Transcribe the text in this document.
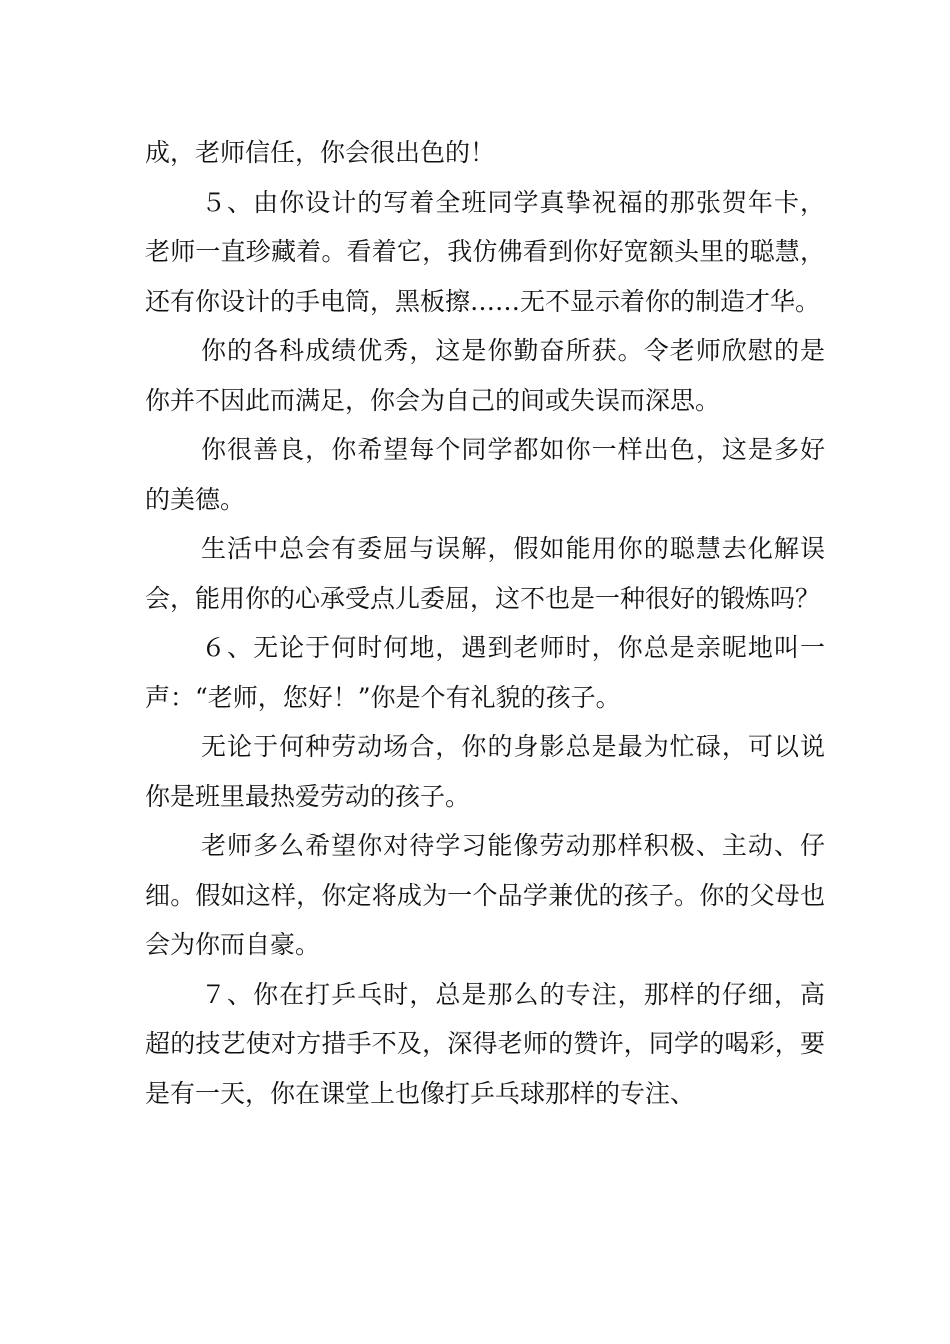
成，老师信任，你会很出色的！

５、由你设计的写着全班同学真挚祝福的那张贺年卡，老师一直珍藏着。看着它，我仿佛看到你好宽额头里的聪慧，还有你设计的手电筒，黑板擦……无不显示着你的制造才华。

你的各科成绩优秀，这是你勤奋所获。令老师欣慰的是你并不因此而满足，你会为自己的间或失误而深思。

你很善良，你希望每个同学都如你一样出色，这是多好的美德。

生活中总会有委屈与误解，假如能用你的聪慧去化解误会，能用你的心承受点儿委屈，这不也是一种很好的锻炼吗？

６、无论于何时何地，遇到老师时，你总是亲昵地叫一声：“老师，您好！”你是个有礼貌的孩子。

无论于何种劳动场合，你的身影总是最为忙碌，可以说你是班里最热爱劳动的孩子。

老师多么希望你对待学习能像劳动那样积极、主动、仔细。假如这样，你定将成为一个品学兼优的孩子。你的父母也会为你而自豪。

７、你在打乒乓时，总是那么的专注，那样的仔细，高超的技艺使对方措手不及，深得老师的赞许，同学的喝彩，要是有一天，你在课堂上也像打乒乓球那样的专注、
